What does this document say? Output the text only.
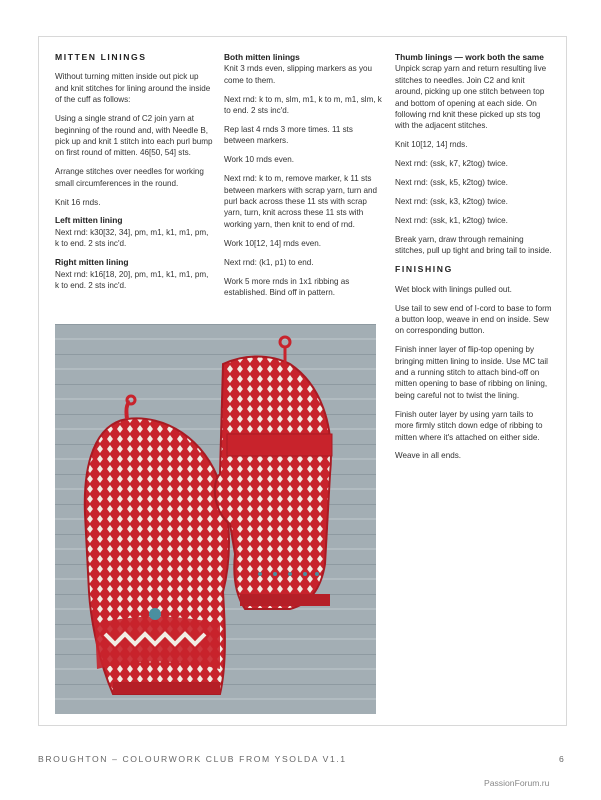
MITTEN LININGS

Without turning mitten inside out pick up and knit stitches for lining around the inside of the cuff as follows:

Using a single strand of C2 join yarn at beginning of the round and, with Needle B, pick up and knit 1 stitch into each purl bump on first round of mitten. 46[50, 54] sts.

Arrange stitches over needles for working small circumferences in the round.

Knit 16 rnds.

Left mitten lining

Next rnd: k30[32, 34], pm, m1, k1, m1, pm, k to end. 2 sts inc'd.

Right mitten lining

Next rnd: k16[18, 20], pm, m1, k1, m1, pm, k to end. 2 sts inc'd.

Both mitten linings

Knit 3 rnds even, slipping markers as you come to them.

Next rnd: k to m, slm, m1, k to m, m1, slm, k to end. 2 sts inc'd.

Rep last 4 rnds 3 more times. 11 sts between markers.

Work 10 rnds even.

Next rnd: k to m, remove marker, k 11 sts between markers with scrap yarn, turn and purl back across these 11 sts with scrap yarn, turn, knit across these 11 sts with working yarn, then knit to end of rnd.

Work 10[12, 14] rnds even.

Next rnd: (k1, p1) to end.

Work 5 more rnds in 1x1 ribbing as established. Bind off in pattern.

Thumb linings — work both the same

Unpick scrap yarn and return resulting live stitches to needles. Join C2 and knit around, picking up one stitch between top and bottom of opening at each side. On following rnd knit these picked up sts tog with the adjacent stitches.

Knit 10[12, 14] rnds.

Next rnd: (ssk, k7, k2tog) twice.

Next rnd: (ssk, k5, k2tog) twice.

Next rnd: (ssk, k3, k2tog) twice.

Next rnd: (ssk, k1, k2tog) twice.

Break yarn, draw through remaining stitches, pull up tight and bring tail to inside.

FINISHING

Wet block with linings pulled out.

Use tail to sew end of I-cord to base to form a button loop, weave in end on inside. Sew on corresponding button.

Finish inner layer of flip-top opening by bringing mitten lining to inside. Use MC tail and a running stitch to attach bind-off on mitten opening to base of ribbing on lining, being careful not to twist the lining.

Finish outer layer by using yarn tails to more firmly stitch down edge of ribbing to mitten where it's attached on either side.

Weave in all ends.

BROUGHTON – COLOURWORK CLUB FROM YSOLDA V1.1	6
PassionForum.ru
